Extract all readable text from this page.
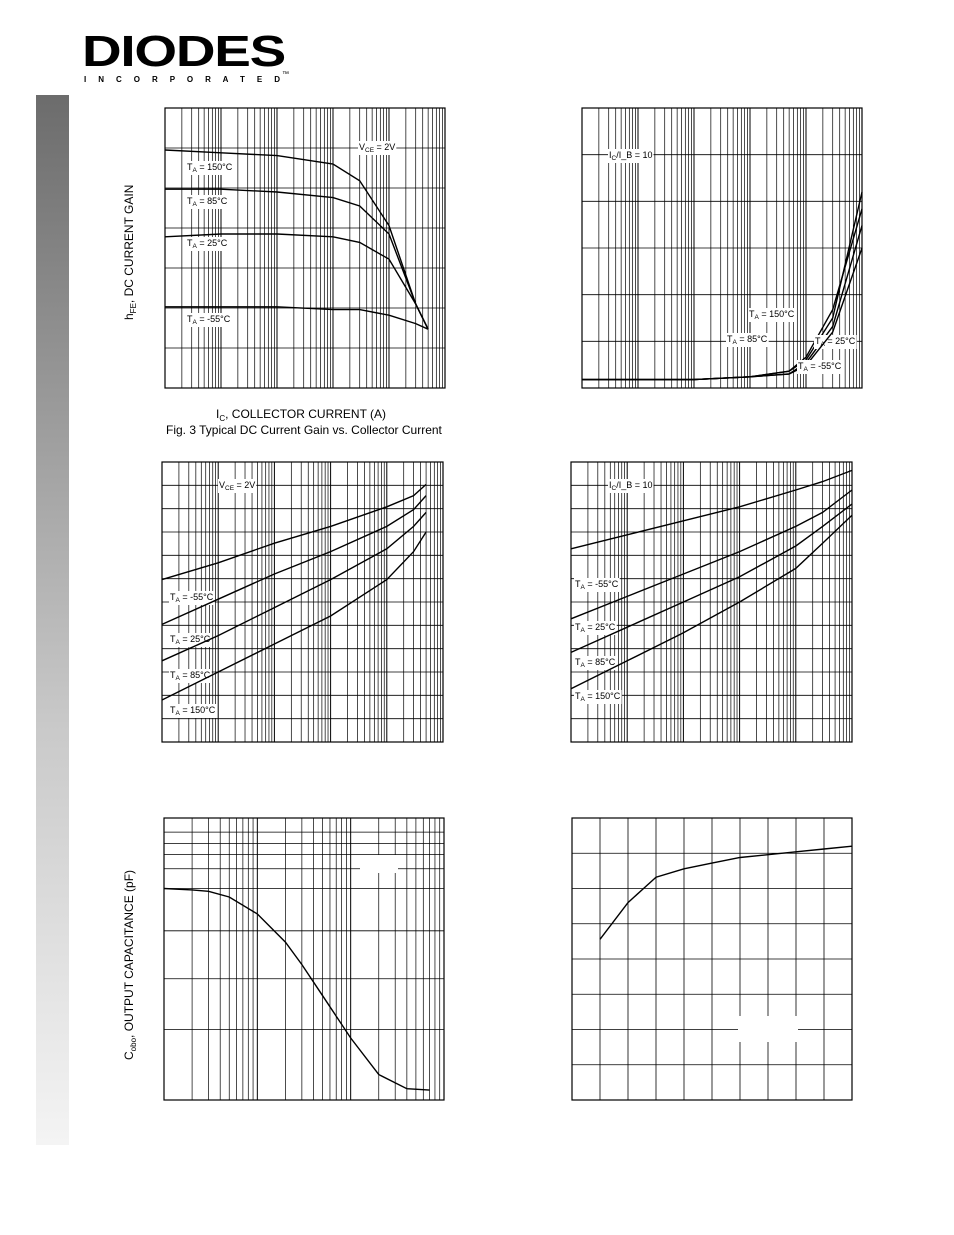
DIODES
I N C O R P O R A T E D
™
$T_A = 150^\circ C$
$T_A = 85^\circ C$
$T_A = 25^\circ C$
$T_A = -55^\circ C$
$V_{CE} = 2V$
$T_A = 150^\circ C$
$T_A = 85^\circ C$	$T_A = 25^\circ C$
$T_A = -55^\circ C$
$I_C/I\_B = 10$
$T_A = -55^\circ C$
$T_A = 25^\circ C$
$T_A = 85^\circ C$
$T_A = 150^\circ C$
$V_{CE} = 2V$
$T_A = -55^\circ C$
$T_A = 25^\circ C$
$T_A = 85^\circ C$
$T_A = 150^\circ C$
$I_C/I\_B = 10$
$h_{FE}$, DC CURRENT GAIN
$I_C$, COLLECTOR CURRENT (A)
Fig. 3 Typical DC Current Gain vs. Collector Current
$C_{obo}$, OUTPUT CAPACITANCE (pF)
